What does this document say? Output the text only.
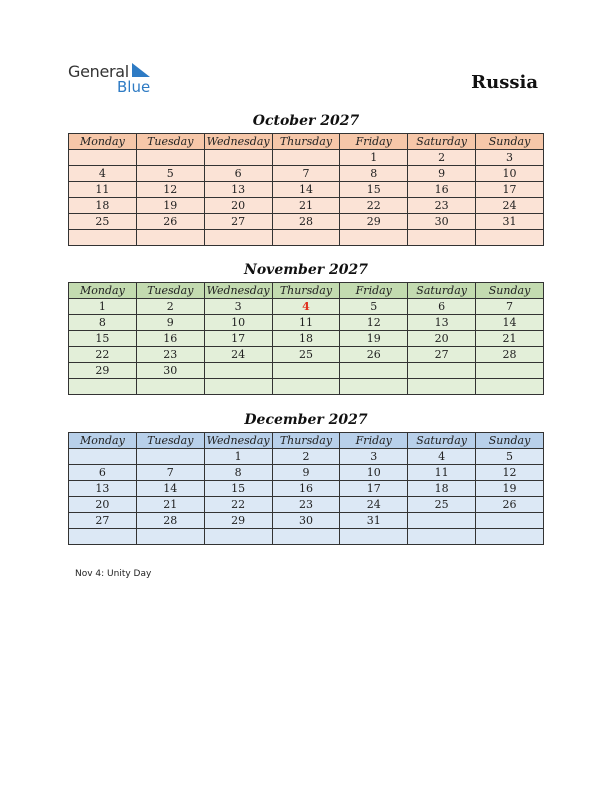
General
Blue	Russia
October 2027
Monday	Tuesday	Wednesday	Thursday	Friday	Saturday	Sunday
				1	2	3
4	5	6	7	8	9	10
11	12	13	14	15	16	17
18	19	20	21	22	23	24
25	26	27	28	29	30	31

November 2027
Monday	Tuesday	Wednesday	Thursday	Friday	Saturday	Sunday
1	2	3	4	5	6	7
8	9	10	11	12	13	14
15	16	17	18	19	20	21
22	23	24	25	26	27	28
29	30					

December 2027
Monday	Tuesday	Wednesday	Thursday	Friday	Saturday	Sunday
		1	2	3	4	5
6	7	8	9	10	11	12
13	14	15	16	17	18	19
20	21	22	23	24	25	26
27	28	29	30	31		

Nov 4: Unity Day
